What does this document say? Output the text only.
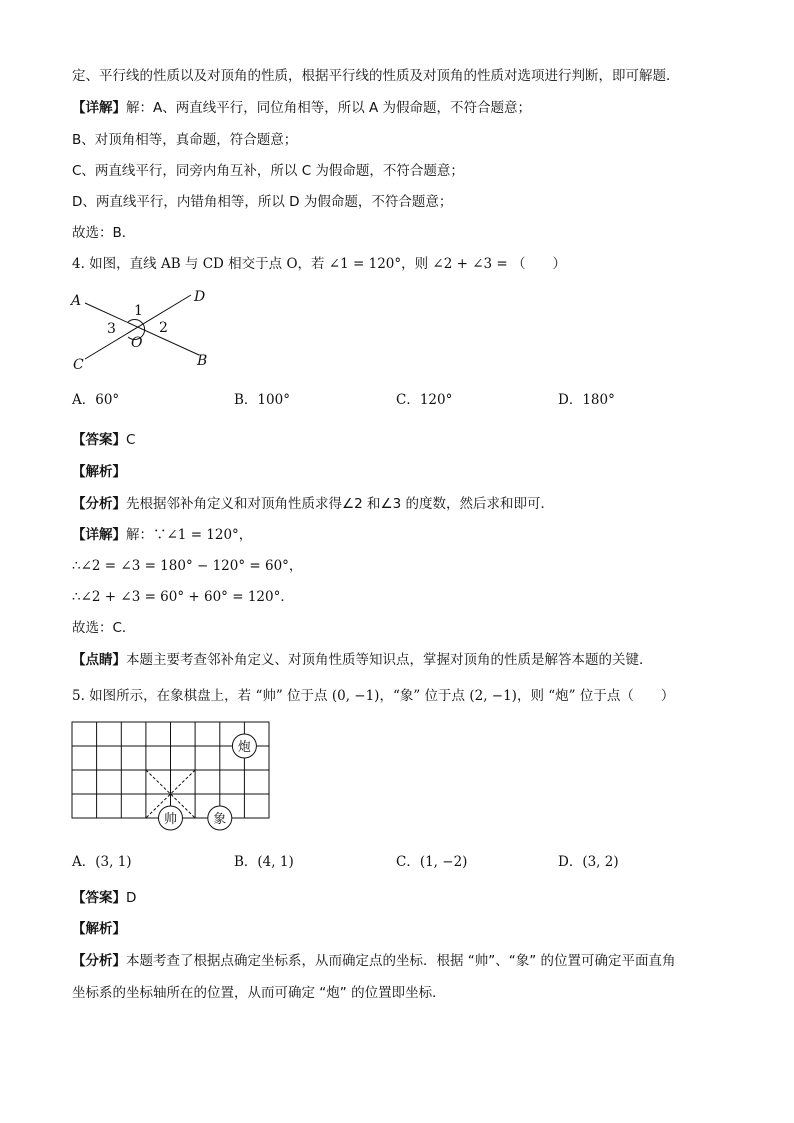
定、平行线的性质以及对顶角的性质，根据平行线的性质及对顶角的性质对选项进行判断，即可解题．
【详解】解：A、两直线平行，同位角相等，所以 A 为假命题，不符合题意；
B、对顶角相等，真命题，符合题意；
C、两直线平行，同旁内角互补，所以 C 为假命题，不符合题意；
D、两直线平行，内错角相等，所以 D 为假命题，不符合题意；
故选：B．
4. 如图，直线 AB 与 CD 相交于点 O，若 ∠1 = 120°，则 ∠2 + ∠3 = （　　）
A	D
C	B
O
1
2
3
A．60°	B．100°	C．120°	D．180°
【答案】C
【解析】
【分析】先根据邻补角定义和对顶角性质求得∠2 和∠3 的度数，然后求和即可．
【详解】解：∵∠1 = 120°，
∴∠2 = ∠3 = 180° − 120° = 60°，
∴∠2 + ∠3 = 60° + 60° = 120°．
故选：C．
【点睛】本题主要考查邻补角定义、对顶角性质等知识点，掌握对顶角的性质是解答本题的关键．
5. 如图所示，在象棋盘上，若 “帅” 位于点 (0, −1)，“象” 位于点 (2, −1)，则 “炮” 位于点（　　）
炮
帅	象
A．(3, 1)	B．(4, 1)	C．(1, −2)	D．(3, 2)
【答案】D
【解析】
【分析】本题考查了根据点确定坐标系，从而确定点的坐标．根据 “帅”、“象” 的位置可确定平面直角
坐标系的坐标轴所在的位置，从而可确定 “炮” 的位置即坐标．
